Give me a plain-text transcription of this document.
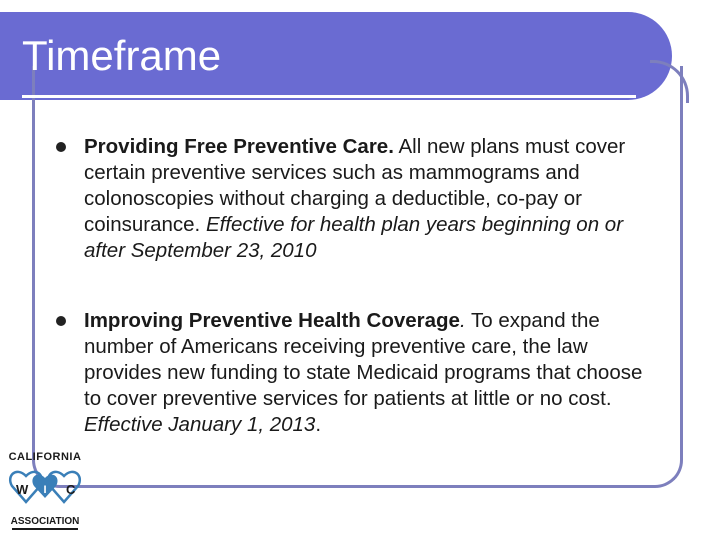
Timeframe
Providing Free Preventive Care. All new plans must cover certain preventive services such as mammograms and colonoscopies without charging a deductible, co-pay or coinsurance. Effective for health plan years beginning on or after September 23, 2010
Improving Preventive Health Coverage. To expand the number of Americans receiving preventive care, the law provides new funding to state Medicaid programs that choose to cover preventive services for patients at little or no cost. Effective January 1, 2013.
CALIFORNIA
W I C
ASSOCIATION
